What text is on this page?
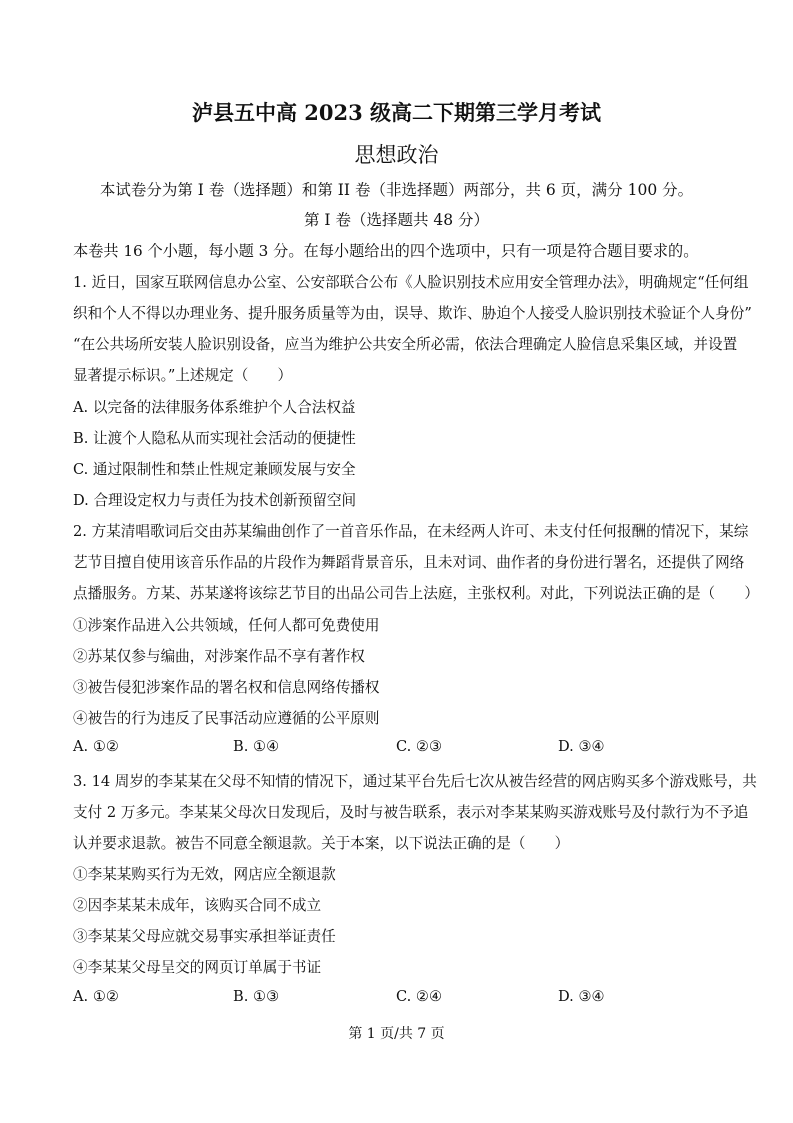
泸县五中高 2023 级高二下期第三学月考试
思想政治
本试卷分为第 I 卷（选择题）和第 II 卷（非选择题）两部分，共 6 页，满分 100 分。
第 I 卷（选择题共 48 分）
本卷共 16 个小题，每小题 3 分。在每小题给出的四个选项中，只有一项是符合题目要求的。
1. 近日，国家互联网信息办公室、公安部联合公布《人脸识别技术应用安全管理办法》，明确规定“任何组
织和个人不得以办理业务、提升服务质量等为由，误导、欺诈、胁迫个人接受人脸识别技术验证个人身份”
“在公共场所安装人脸识别设备，应当为维护公共安全所必需，依法合理确定人脸信息采集区域，并设置
显著提示标识。”上述规定（　　）
A. 以完备的法律服务体系维护个人合法权益
B. 让渡个人隐私从而实现社会活动的便捷性
C. 通过限制性和禁止性规定兼顾发展与安全
D. 合理设定权力与责任为技术创新预留空间
2. 方某清唱歌词后交由苏某编曲创作了一首音乐作品，在未经两人许可、未支付任何报酬的情况下，某综
艺节目擅自使用该音乐作品的片段作为舞蹈背景音乐，且未对词、曲作者的身份进行署名，还提供了网络
点播服务。方某、苏某遂将该综艺节目的出品公司告上法庭，主张权利。对此，下列说法正确的是（　　）
①涉案作品进入公共领域，任何人都可免费使用
②苏某仅参与编曲，对涉案作品不享有著作权
③被告侵犯涉案作品的署名权和信息网络传播权
④被告的行为违反了民事活动应遵循的公平原则
A. ①②	B. ①④	C. ②③	D. ③④
3. 14 周岁的李某某在父母不知情的情况下，通过某平台先后七次从被告经营的网店购买多个游戏账号，共
支付 2 万多元。李某某父母次日发现后，及时与被告联系，表示对李某某购买游戏账号及付款行为不予追
认并要求退款。被告不同意全额退款。关于本案，以下说法正确的是（　　）
①李某某购买行为无效，网店应全额退款
②因李某某未成年，该购买合同不成立
③李某某父母应就交易事实承担举证责任
④李某某父母呈交的网页订单属于书证
A. ①②	B. ①③	C. ②④	D. ③④
第 1 页/共 7 页
